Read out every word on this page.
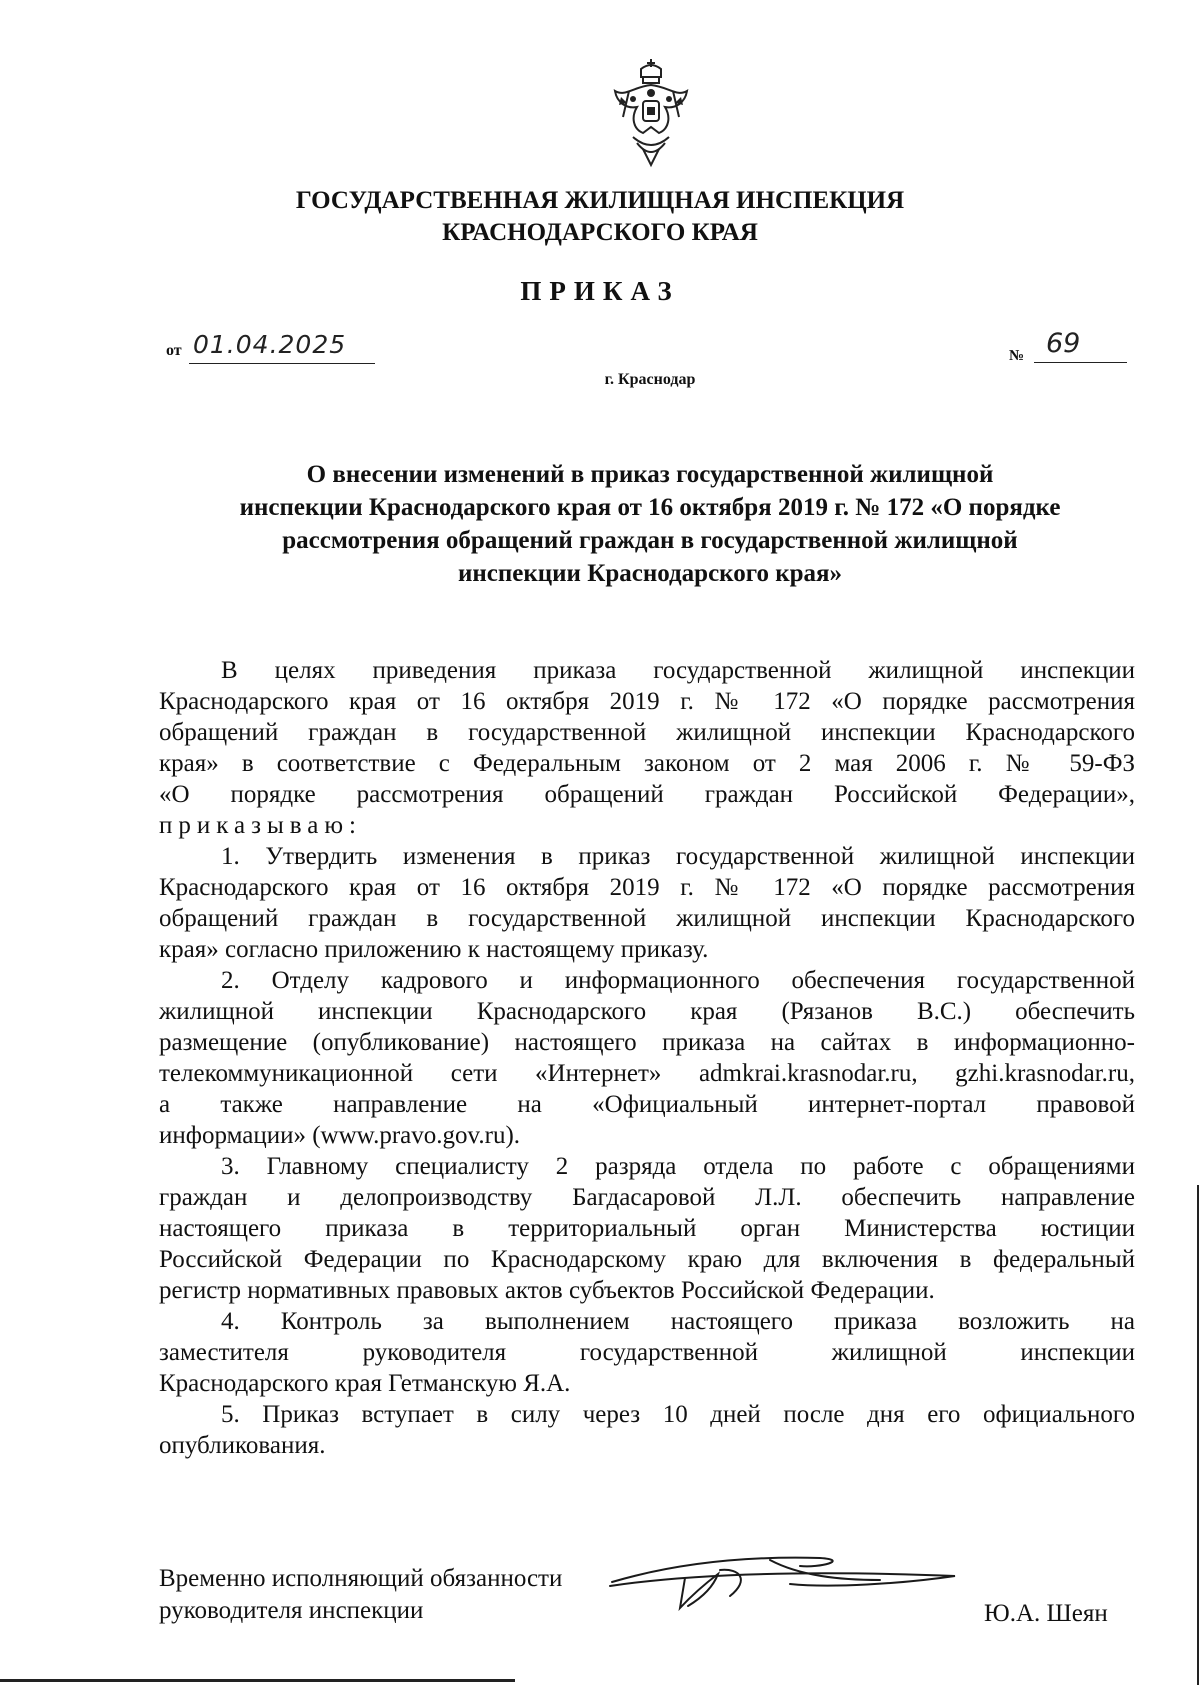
ГОСУДАРСТВЕННАЯ ЖИЛИЩНАЯ ИНСПЕКЦИЯ
КРАСНОДАРСКОГО КРАЯ
ПРИКАЗ
от 01.04.2025	№ 69
г. Краснодар
О внесении изменений в приказ государственной жилищной
инспекции Краснодарского края от 16 октября 2019 г. № 172 «О порядке
рассмотрения обращений граждан в государственной жилищной
инспекции Краснодарского края»
В целях приведения приказа государственной жилищной инспекции
Краснодарского края от 16 октября 2019 г. № 172 «О порядке рассмотрения
обращений граждан в государственной жилищной инспекции Краснодарского
края» в соответствие с Федеральным законом от 2 мая 2006 г. № 59-ФЗ
«О порядке рассмотрения обращений граждан Российской Федерации»,
приказываю:
1. Утвердить изменения в приказ государственной жилищной инспекции
Краснодарского края от 16 октября 2019 г. № 172 «О порядке рассмотрения
обращений граждан в государственной жилищной инспекции Краснодарского
края» согласно приложению к настоящему приказу.
2. Отделу кадрового и информационного обеспечения государственной
жилищной инспекции Краснодарского края (Рязанов В.С.) обеспечить
размещение (опубликование) настоящего приказа на сайтах в информационно-
телекоммуникационной сети «Интернет» admkrai.krasnodar.ru, gzhi.krasnodar.ru,
а также направление на «Официальный интернет-портал правовой
информации» (www.pravo.gov.ru).
3. Главному специалисту 2 разряда отдела по работе с обращениями
граждан и делопроизводству Багдасаровой Л.Л. обеспечить направление
настоящего приказа в территориальный орган Министерства юстиции
Российской Федерации по Краснодарскому краю для включения в федеральный
регистр нормативных правовых актов субъектов Российской Федерации.
4. Контроль за выполнением настоящего приказа возложить на
заместителя руководителя государственной жилищной инспекции
Краснодарского края Гетманскую Я.А.
5. Приказ вступает в силу через 10 дней после дня его официального
опубликования.
Временно исполняющий обязанности
руководителя инспекции	Ю.А. Шеян
